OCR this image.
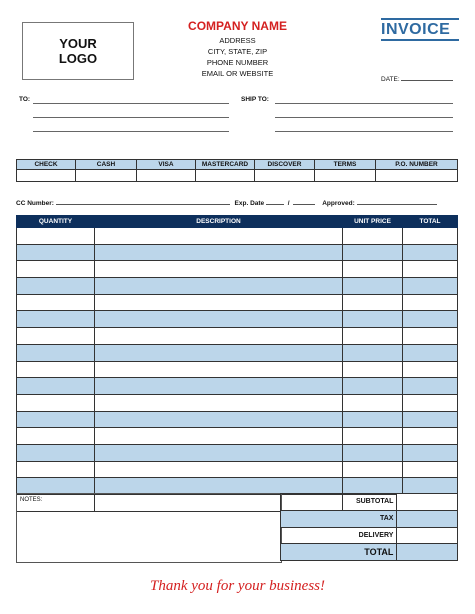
YOUR
LOGO
COMPANY NAME
ADDRESS
CITY, STATE, ZIP
PHONE NUMBER
EMAIL OR WEBSITE
INVOICE
DATE:
TO:	SHIP TO:
CHECK	CASH	VISA	MASTERCARD	DISCOVER	TERMS	P.O. NUMBER

CC Number:	Exp. Date	/	Approved:
QUANTITY	DESCRIPTION	UNIT PRICE	TOTAL

NOTES:	SUBTOTAL	
TAX	
DELIVERY	
TOTAL	
Thank you for your business!
